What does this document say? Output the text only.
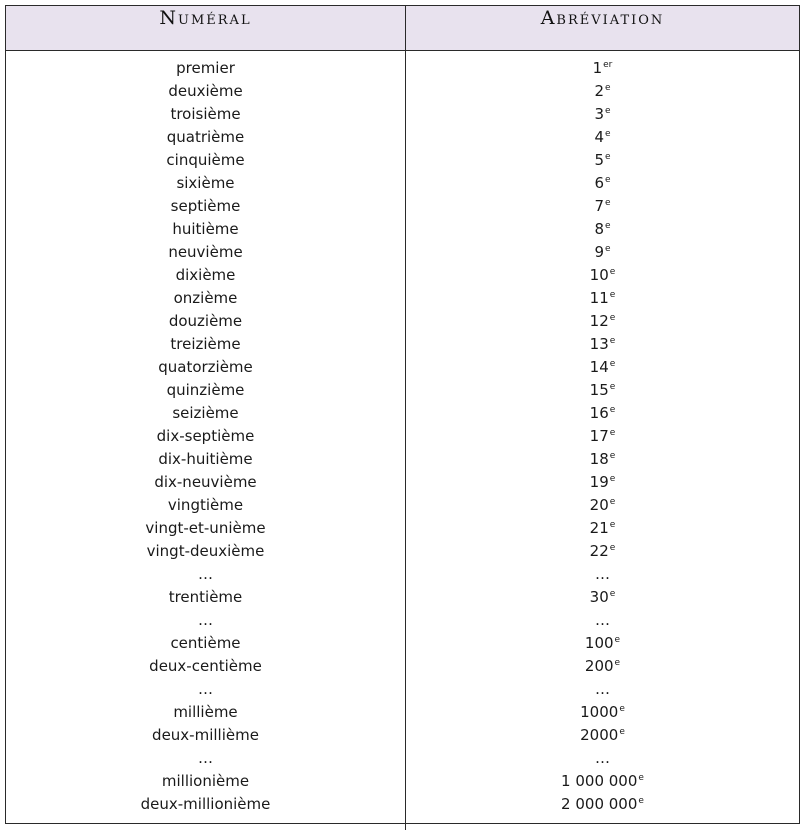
Numéral	Abréviation
premier	1er
deuxième	2e
troisième	3e
quatrième	4e
cinquième	5e
sixième	6e
septième	7e
huitième	8e
neuvième	9e
dixième	10e
onzième	11e
douzième	12e
treizième	13e
quatorzième	14e
quinzième	15e
seizième	16e
dix-septième	17e
dix-huitième	18e
dix-neuvième	19e
vingtième	20e
vingt-et-unième	21e
vingt-deuxième	22e
…	…
trentième	30e
…	…
centième	100e
deux-centième	200e
…	…
millième	1000e
deux-millième	2000e
…	…
millionième	1 000 000e
deux-millionième	2 000 000e
